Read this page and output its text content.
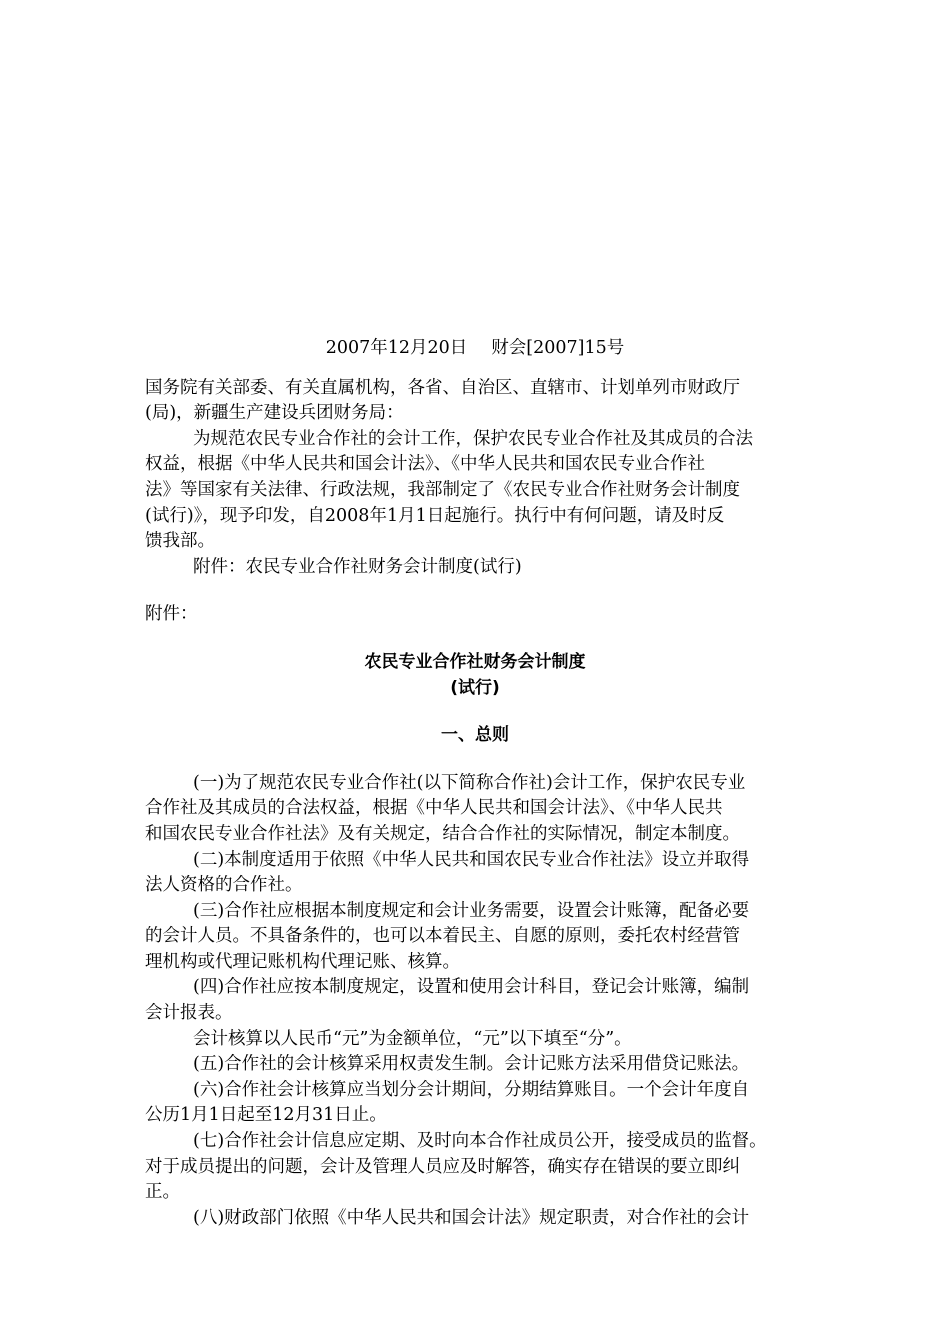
2007年12月20日 财会[2007]15号

国务院有关部委、有关直属机构，各省、自治区、直辖市、计划单列市财政厅

(局)，新疆生产建设兵团财务局：

为规范农民专业合作社的会计工作，保护农民专业合作社及其成员的合法

权益，根据《中华人民共和国会计法》、《中华人民共和国农民专业合作社

法》等国家有关法律、行政法规，我部制定了《农民专业合作社财务会计制度

(试行)》，现予印发，自2008年1月1日起施行。执行中有何问题，请及时反

馈我部。

附件：农民专业合作社财务会计制度(试行)

附件：

农民专业合作社财务会计制度

(试行)

一、总则

(一)为了规范农民专业合作社(以下简称合作社)会计工作，保护农民专业

合作社及其成员的合法权益，根据《中华人民共和国会计法》、《中华人民共

和国农民专业合作社法》及有关规定，结合合作社的实际情况，制定本制度。

(二)本制度适用于依照《中华人民共和国农民专业合作社法》设立并取得

法人资格的合作社。

(三)合作社应根据本制度规定和会计业务需要，设置会计账簿，配备必要

的会计人员。不具备条件的，也可以本着民主、自愿的原则，委托农村经营管

理机构或代理记账机构代理记账、核算。

(四)合作社应按本制度规定，设置和使用会计科目，登记会计账簿，编制

会计报表。

会计核算以人民币“元”为金额单位，“元”以下填至“分”。

(五)合作社的会计核算采用权责发生制。会计记账方法采用借贷记账法。

(六)合作社会计核算应当划分会计期间，分期结算账目。一个会计年度自

公历1月1日起至12月31日止。

(七)合作社会计信息应定期、及时向本合作社成员公开，接受成员的监督。

对于成员提出的问题，会计及管理人员应及时解答，确实存在错误的要立即纠

正。

(八)财政部门依照《中华人民共和国会计法》规定职责，对合作社的会计
